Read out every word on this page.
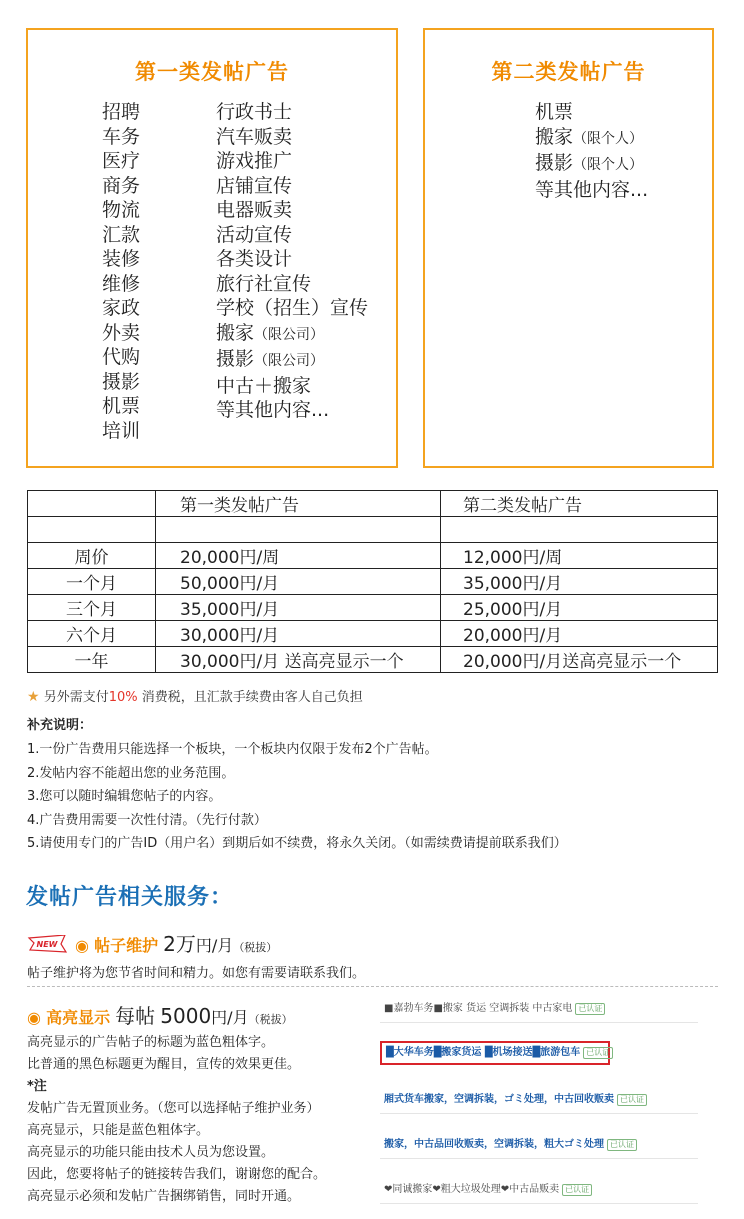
第一类发帖广告
招聘
车务
医疗
商务
物流
汇款
装修
维修
家政
外卖
代购
摄影
机票
培训
行政书士
汽车贩卖
游戏推广
店铺宣传
电器贩卖
活动宣传
各类设计
旅行社宣传
学校（招生）宣传
搬家（限公司）
摄影（限公司）
中古＋搬家
等其他内容...
第二类发帖广告
机票
搬家（限个人）
摄影（限个人）
等其他内容...
	第一类发帖广告	第二类发帖广告

周价	20,000円/周	12,000円/周
一个月	50,000円/月	35,000円/月
三个月	35,000円/月	25,000円/月
六个月	30,000円/月	20,000円/月
一年	30,000円/月 送高亮显示一个	20,000円/月送高亮显示一个
★ 另外需支付10% 消费税，且汇款手续费由客人自己负担
补充说明：
1.一份广告费用只能选择一个板块，一个板块内仅限于发布2个广告帖。
2.发帖内容不能超出您的业务范围。
3.您可以随时编辑您帖子的内容。
4.广告费用需要一次性付清。（先行付款）
5.请使用专门的广告ID（用户名）到期后如不续费，将永久关闭。（如需续费请提前联系我们）
发帖广告相关服务：
NEW ◉
帖子维护
2万 円/月 （税拔）
帖子维护将为您节省时间和精力。如您有需要请联系我们。
◉
高亮显示
每帖
5000 円/月 （税拔）
高亮显示的广告帖子的标题为蓝色粗体字。
比普通的黑色标题更为醒目，宣传的效果更佳。
*注
发帖广告无置顶业务。（您可以选择帖子维护业务）
高亮显示，只能是蓝色粗体字。
高亮显示的功能只能由技术人员为您设置。
因此，您要将帖子的链接转告我们，谢谢您的配合。
高亮显示必须和发帖广告捆绑销售，同时开通。
■嘉勃车务■搬家 货运 空调拆装 中古家电 已认证
█大华车务█搬家货运 █机场接送█旅游包车 已认证
厢式货车搬家，空调拆装，ゴミ处理，中古回收贩卖 已认证
搬家，中古品回收贩卖，空调拆装，粗大ゴミ处理 已认证
❤同诚搬家❤粗大垃圾处理❤中古品贩卖 已认证
